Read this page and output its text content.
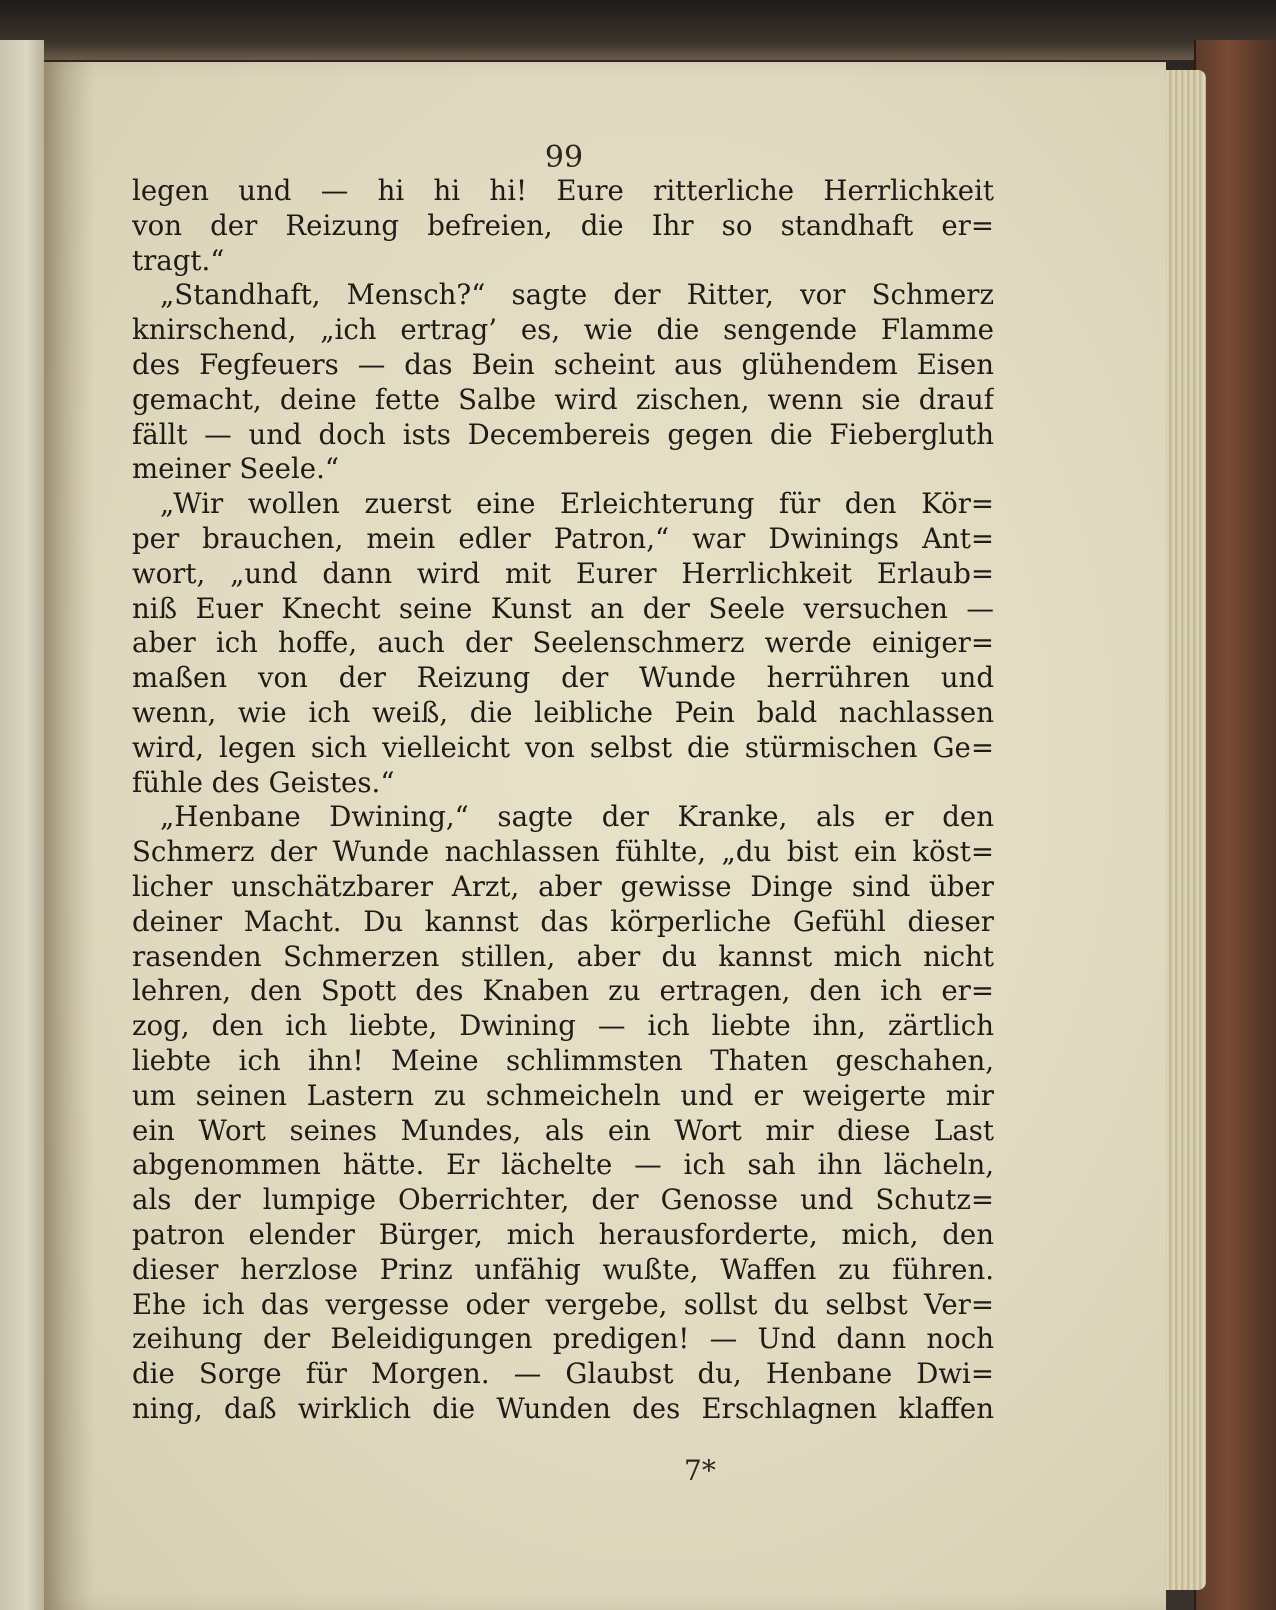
99
legen und — hi hi hi! Eure ritterliche Herrlichkeit
von der Reizung befreien, die Ihr so standhaft er=
tragt.“
„Standhaft, Mensch?“ sagte der Ritter, vor Schmerz
knirschend, „ich ertrag’ es, wie die sengende Flamme
des Fegfeuers — das Bein scheint aus glühendem Eisen
gemacht, deine fette Salbe wird zischen, wenn sie drauf
fällt — und doch ists Decembereis gegen die Fiebergluth
meiner Seele.“
„Wir wollen zuerst eine Erleichterung für den Kör=
per brauchen, mein edler Patron,“ war Dwinings Ant=
wort, „und dann wird mit Eurer Herrlichkeit Erlaub=
niß Euer Knecht seine Kunst an der Seele versuchen —
aber ich hoffe, auch der Seelenschmerz werde einiger=
maßen von der Reizung der Wunde herrühren und
wenn, wie ich weiß, die leibliche Pein bald nachlassen
wird, legen sich vielleicht von selbst die stürmischen Ge=
fühle des Geistes.“
„Henbane Dwining,“ sagte der Kranke, als er den
Schmerz der Wunde nachlassen fühlte, „du bist ein köst=
licher unschätzbarer Arzt, aber gewisse Dinge sind über
deiner Macht. Du kannst das körperliche Gefühl dieser
rasenden Schmerzen stillen, aber du kannst mich nicht
lehren, den Spott des Knaben zu ertragen, den ich er=
zog, den ich liebte, Dwining — ich liebte ihn, zärtlich
liebte ich ihn! Meine schlimmsten Thaten geschahen,
um seinen Lastern zu schmeicheln und er weigerte mir
ein Wort seines Mundes, als ein Wort mir diese Last
abgenommen hätte. Er lächelte — ich sah ihn lächeln,
als der lumpige Oberrichter, der Genosse und Schutz=
patron elender Bürger, mich herausforderte, mich, den
dieser herzlose Prinz unfähig wußte, Waffen zu führen.
Ehe ich das vergesse oder vergebe, sollst du selbst Ver=
zeihung der Beleidigungen predigen! — Und dann noch
die Sorge für Morgen. — Glaubst du, Henbane Dwi=
ning, daß wirklich die Wunden des Erschlagnen klaffen
7*
